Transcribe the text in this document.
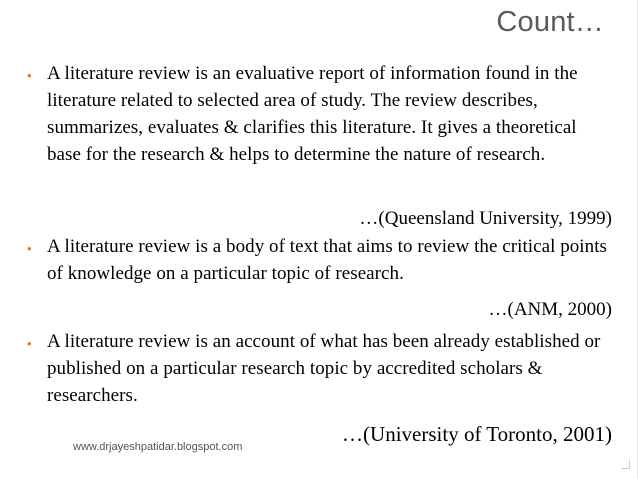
Count…
• A literature review is an evaluative report of information found in the literature related to selected area of study. The review describes, summarizes, evaluates & clarifies this literature. It gives a theoretical base for the research & helps to determine the nature of research.
…(Queensland University, 1999)
• A literature review is a body of text that aims to review the critical points of knowledge on a particular topic of research.
…(ANM, 2000)
• A literature review is an account of what has been already established or published on a particular research topic by accredited scholars & researchers.
…(University of Toronto, 2001)
www.drjayeshpatidar.blogspot.com
